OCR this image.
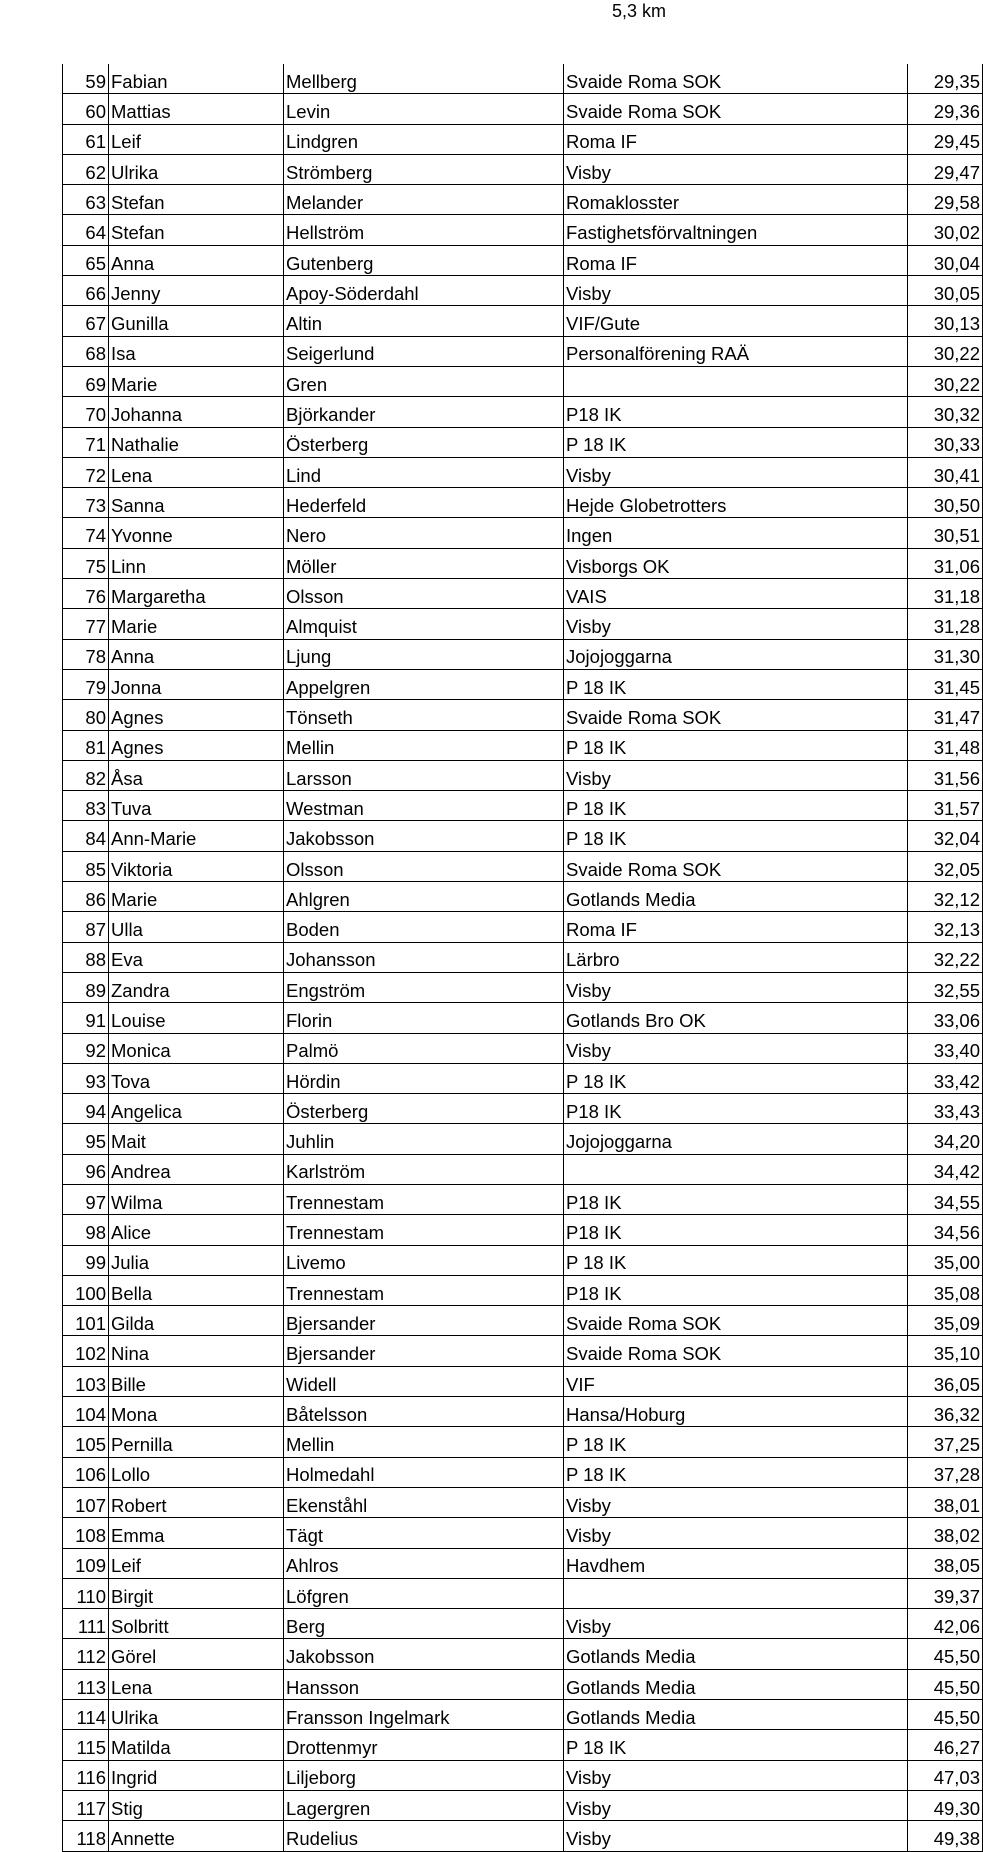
5,3 km
59	Fabian	Mellberg	Svaide Roma SOK	29,35
60	Mattias	Levin	Svaide Roma SOK	29,36
61	Leif	Lindgren	Roma IF	29,45
62	Ulrika	Strömberg	Visby	29,47
63	Stefan	Melander	Romaklosster	29,58
64	Stefan	Hellström	Fastighetsförvaltningen	30,02
65	Anna	Gutenberg	Roma IF	30,04
66	Jenny	Apoy-Söderdahl	Visby	30,05
67	Gunilla	Altin	VIF/Gute	30,13
68	Isa	Seigerlund	Personalförening RAÄ	30,22
69	Marie	Gren		30,22
70	Johanna	Björkander	P18 IK	30,32
71	Nathalie	Österberg	P 18 IK	30,33
72	Lena	Lind	Visby	30,41
73	Sanna	Hederfeld	Hejde Globetrotters	30,50
74	Yvonne	Nero	Ingen	30,51
75	Linn	Möller	Visborgs OK	31,06
76	Margaretha	Olsson	VAIS	31,18
77	Marie	Almquist	Visby	31,28
78	Anna	Ljung	Jojojoggarna	31,30
79	Jonna	Appelgren	P 18 IK	31,45
80	Agnes	Tönseth	Svaide Roma SOK	31,47
81	Agnes	Mellin	P 18 IK	31,48
82	Åsa	Larsson	Visby	31,56
83	Tuva	Westman	P 18 IK	31,57
84	Ann-Marie	Jakobsson	P 18 IK	32,04
85	Viktoria	Olsson	Svaide Roma SOK	32,05
86	Marie	Ahlgren	Gotlands Media	32,12
87	Ulla	Boden	Roma IF	32,13
88	Eva	Johansson	Lärbro	32,22
89	Zandra	Engström	Visby	32,55
91	Louise	Florin	Gotlands Bro OK	33,06
92	Monica	Palmö	Visby	33,40
93	Tova	Hördin	P 18 IK	33,42
94	Angelica	Österberg	P18 IK	33,43
95	Mait	Juhlin	Jojojoggarna	34,20
96	Andrea	Karlström		34,42
97	Wilma	Trennestam	P18 IK	34,55
98	Alice	Trennestam	P18 IK	34,56
99	Julia	Livemo	P 18 IK	35,00
100	Bella	Trennestam	P18 IK	35,08
101	Gilda	Bjersander	Svaide Roma SOK	35,09
102	Nina	Bjersander	Svaide Roma SOK	35,10
103	Bille	Widell	VIF	36,05
104	Mona	Båtelsson	Hansa/Hoburg	36,32
105	Pernilla	Mellin	P 18 IK	37,25
106	Lollo	Holmedahl	P 18 IK	37,28
107	Robert	Ekenståhl	Visby	38,01
108	Emma	Tägt	Visby	38,02
109	Leif	Ahlros	Havdhem	38,05
110	Birgit	Löfgren		39,37
111	Solbritt	Berg	Visby	42,06
112	Görel	Jakobsson	Gotlands Media	45,50
113	Lena	Hansson	Gotlands Media	45,50
114	Ulrika	Fransson Ingelmark	Gotlands Media	45,50
115	Matilda	Drottenmyr	P 18 IK	46,27
116	Ingrid	Liljeborg	Visby	47,03
117	Stig	Lagergren	Visby	49,30
118	Annette	Rudelius	Visby	49,38
